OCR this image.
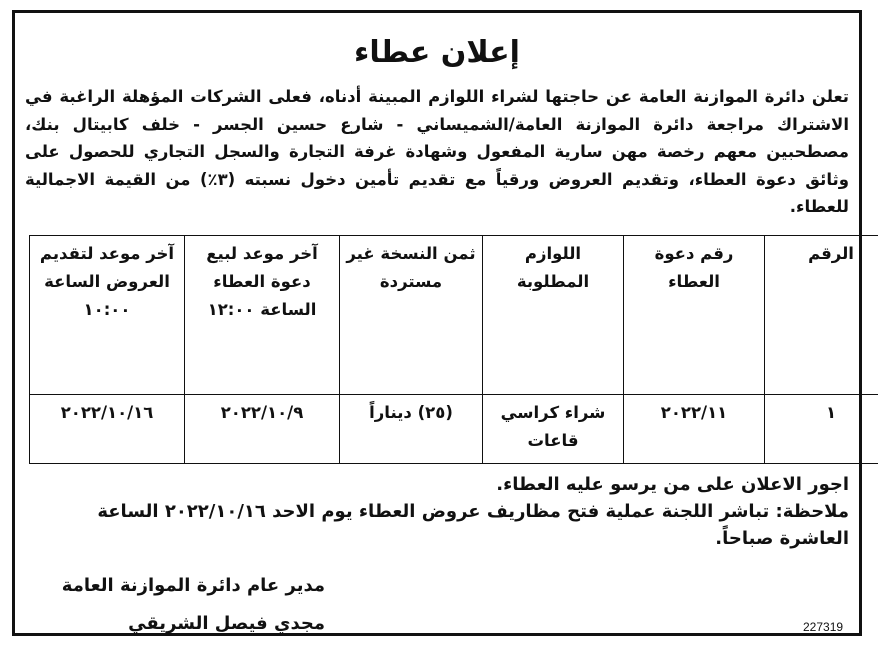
إعلان عطاء
تعلن دائرة الموازنة العامة عن حاجتها لشراء اللوازم المبينة أدناه، فعلى الشركات المؤهلة الراغبة في الاشتراك مراجعة دائرة الموازنة العامة/الشميساني - شارع حسين الجسر - خلف كابيتال بنك، مصطحبين معهم رخصة مهن سارية المفعول وشهادة غرفة التجارة والسجل التجاري للحصول على وثائق دعوة العطاء، وتقديم العروض ورقياً مع تقديم تأمين دخول نسبته (٣٪) من القيمة الاجمالية للعطاء.
الرقم	رقم دعوة العطاء	اللوازم المطلوبة	ثمن النسخة غير مستردة	آخر موعد لبيع دعوة العطاء الساعة ١٢:٠٠	آخر موعد لتقديم العروض الساعة ١٠:٠٠
١	٢٠٢٢/١١	شراء كراسي قاعات	(٢٥) ديناراً	٢٠٢٢/١٠/٩	٢٠٢٢/١٠/١٦

اجور الاعلان على من يرسو عليه العطاء.

ملاحظة: تباشر اللجنة عملية فتح مظاريف عروض العطاء يوم الاحد ٢٠٢٢/١٠/١٦ الساعة العاشرة صباحاً.

مدير عام دائرة الموازنة العامة
مجدي فيصل الشريقي	227319
